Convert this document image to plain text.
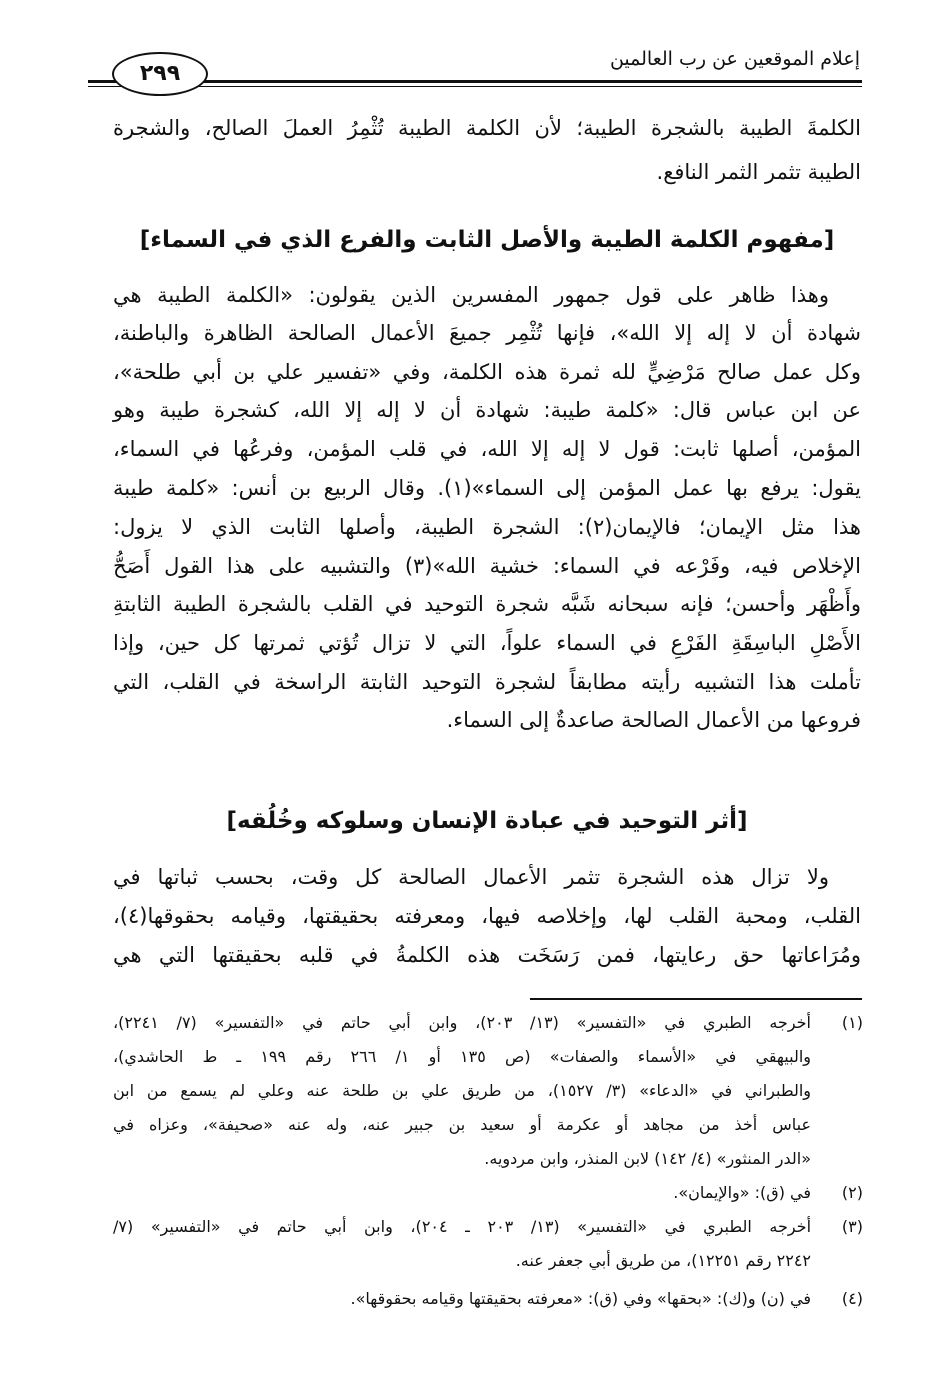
إعلام الموقعين عن رب العالمين
٢٩٩
الكلمةَ الطيبة بالشجرة الطيبة؛ لأن الكلمة الطيبة تُثْمِرُ العملَ الصالح، والشجرة
الطيبة تثمر الثمر النافع.
[مفهوم الكلمة الطيبة والأصل الثابت والفرع الذي في السماء]
وهذا ظاهر على قول جمهور المفسرين الذين يقولون: «الكلمة الطيبة هي
شهادة أن لا إله إلا الله»، فإنها تُثْمِر جميعَ الأعمال الصالحة الظاهرة والباطنة،
وكل عمل صالح مَرْضِيٍّ لله ثمرة هذه الكلمة، وفي «تفسير علي بن أبي طلحة»،
عن ابن عباس قال: «كلمة طيبة: شهادة أن لا إله إلا الله، كشجرة طيبة وهو
المؤمن، أصلها ثابت: قول لا إله إلا الله، في قلب المؤمن، وفرعُها في السماء،
يقول: يرفع بها عمل المؤمن إلى السماء»(١). وقال الربيع بن أنس: «كلمة طيبة
هذا مثل الإيمان؛ فالإيمان(٢): الشجرة الطيبة، وأصلها الثابت الذي لا يزول:
الإخلاص فيه، وفَرْعه في السماء: خشية الله»(٣) والتشبيه على هذا القول أَصَحُّ
وأَظْهَر وأحسن؛ فإنه سبحانه شَبَّه شجرة التوحيد في القلب بالشجرة الطيبة الثابتةِ
الأَصْلِ الباسِقَةِ الفَرْعِ في السماء علواً، التي لا تزال تُؤتي ثمرتها كل حين، وإذا
تأملت هذا التشبيه رأيته مطابقاً لشجرة التوحيد الثابتة الراسخة في القلب، التي
فروعها من الأعمال الصالحة صاعدةٌ إلى السماء.
[أثر التوحيد في عبادة الإنسان وسلوكه وخُلُقه]
ولا تزال هذه الشجرة تثمر الأعمال الصالحة كل وقت، بحسب ثباتها في
القلب، ومحبة القلب لها، وإخلاصه فيها، ومعرفته بحقيقتها، وقيامه بحقوقها(٤)،
ومُرَاعاتها حق رعايتها، فمن رَسَخَت هذه الكلمةُ في قلبه بحقيقتها التي هي
(١)
أخرجه الطبري في «التفسير» (١٣/ ٢٠٣)، وابن أبي حاتم في «التفسير» (٧/ ٢٢٤١)،
والبيهقي في «الأسماء والصفات» (ص ١٣٥ أو ١/ ٢٦٦ رقم ١٩٩ ـ ط الحاشدي)،
والطبراني في «الدعاء» (٣/ ١٥٢٧)، من طريق علي بن طلحة عنه وعلي لم يسمع من ابن
عباس أخذ من مجاهد أو عكرمة أو سعيد بن جبير عنه، وله عنه «صحيفة»، وعزاه في
«الدر المنثور» (٤/ ١٤٢) لابن المنذر، وابن مردويه.
(٢)
في (ق): «والإيمان».
(٣)
أخرجه الطبري في «التفسير» (١٣/ ٢٠٣ ـ ٢٠٤)، وابن أبي حاتم في «التفسير» (٧/
٢٢٤٢ رقم ١٢٢٥١)، من طريق أبي جعفر عنه.
(٤)
في (ن) و(ك): «بحقها» وفي (ق): «معرفته بحقيقتها وقيامه بحقوقها».
